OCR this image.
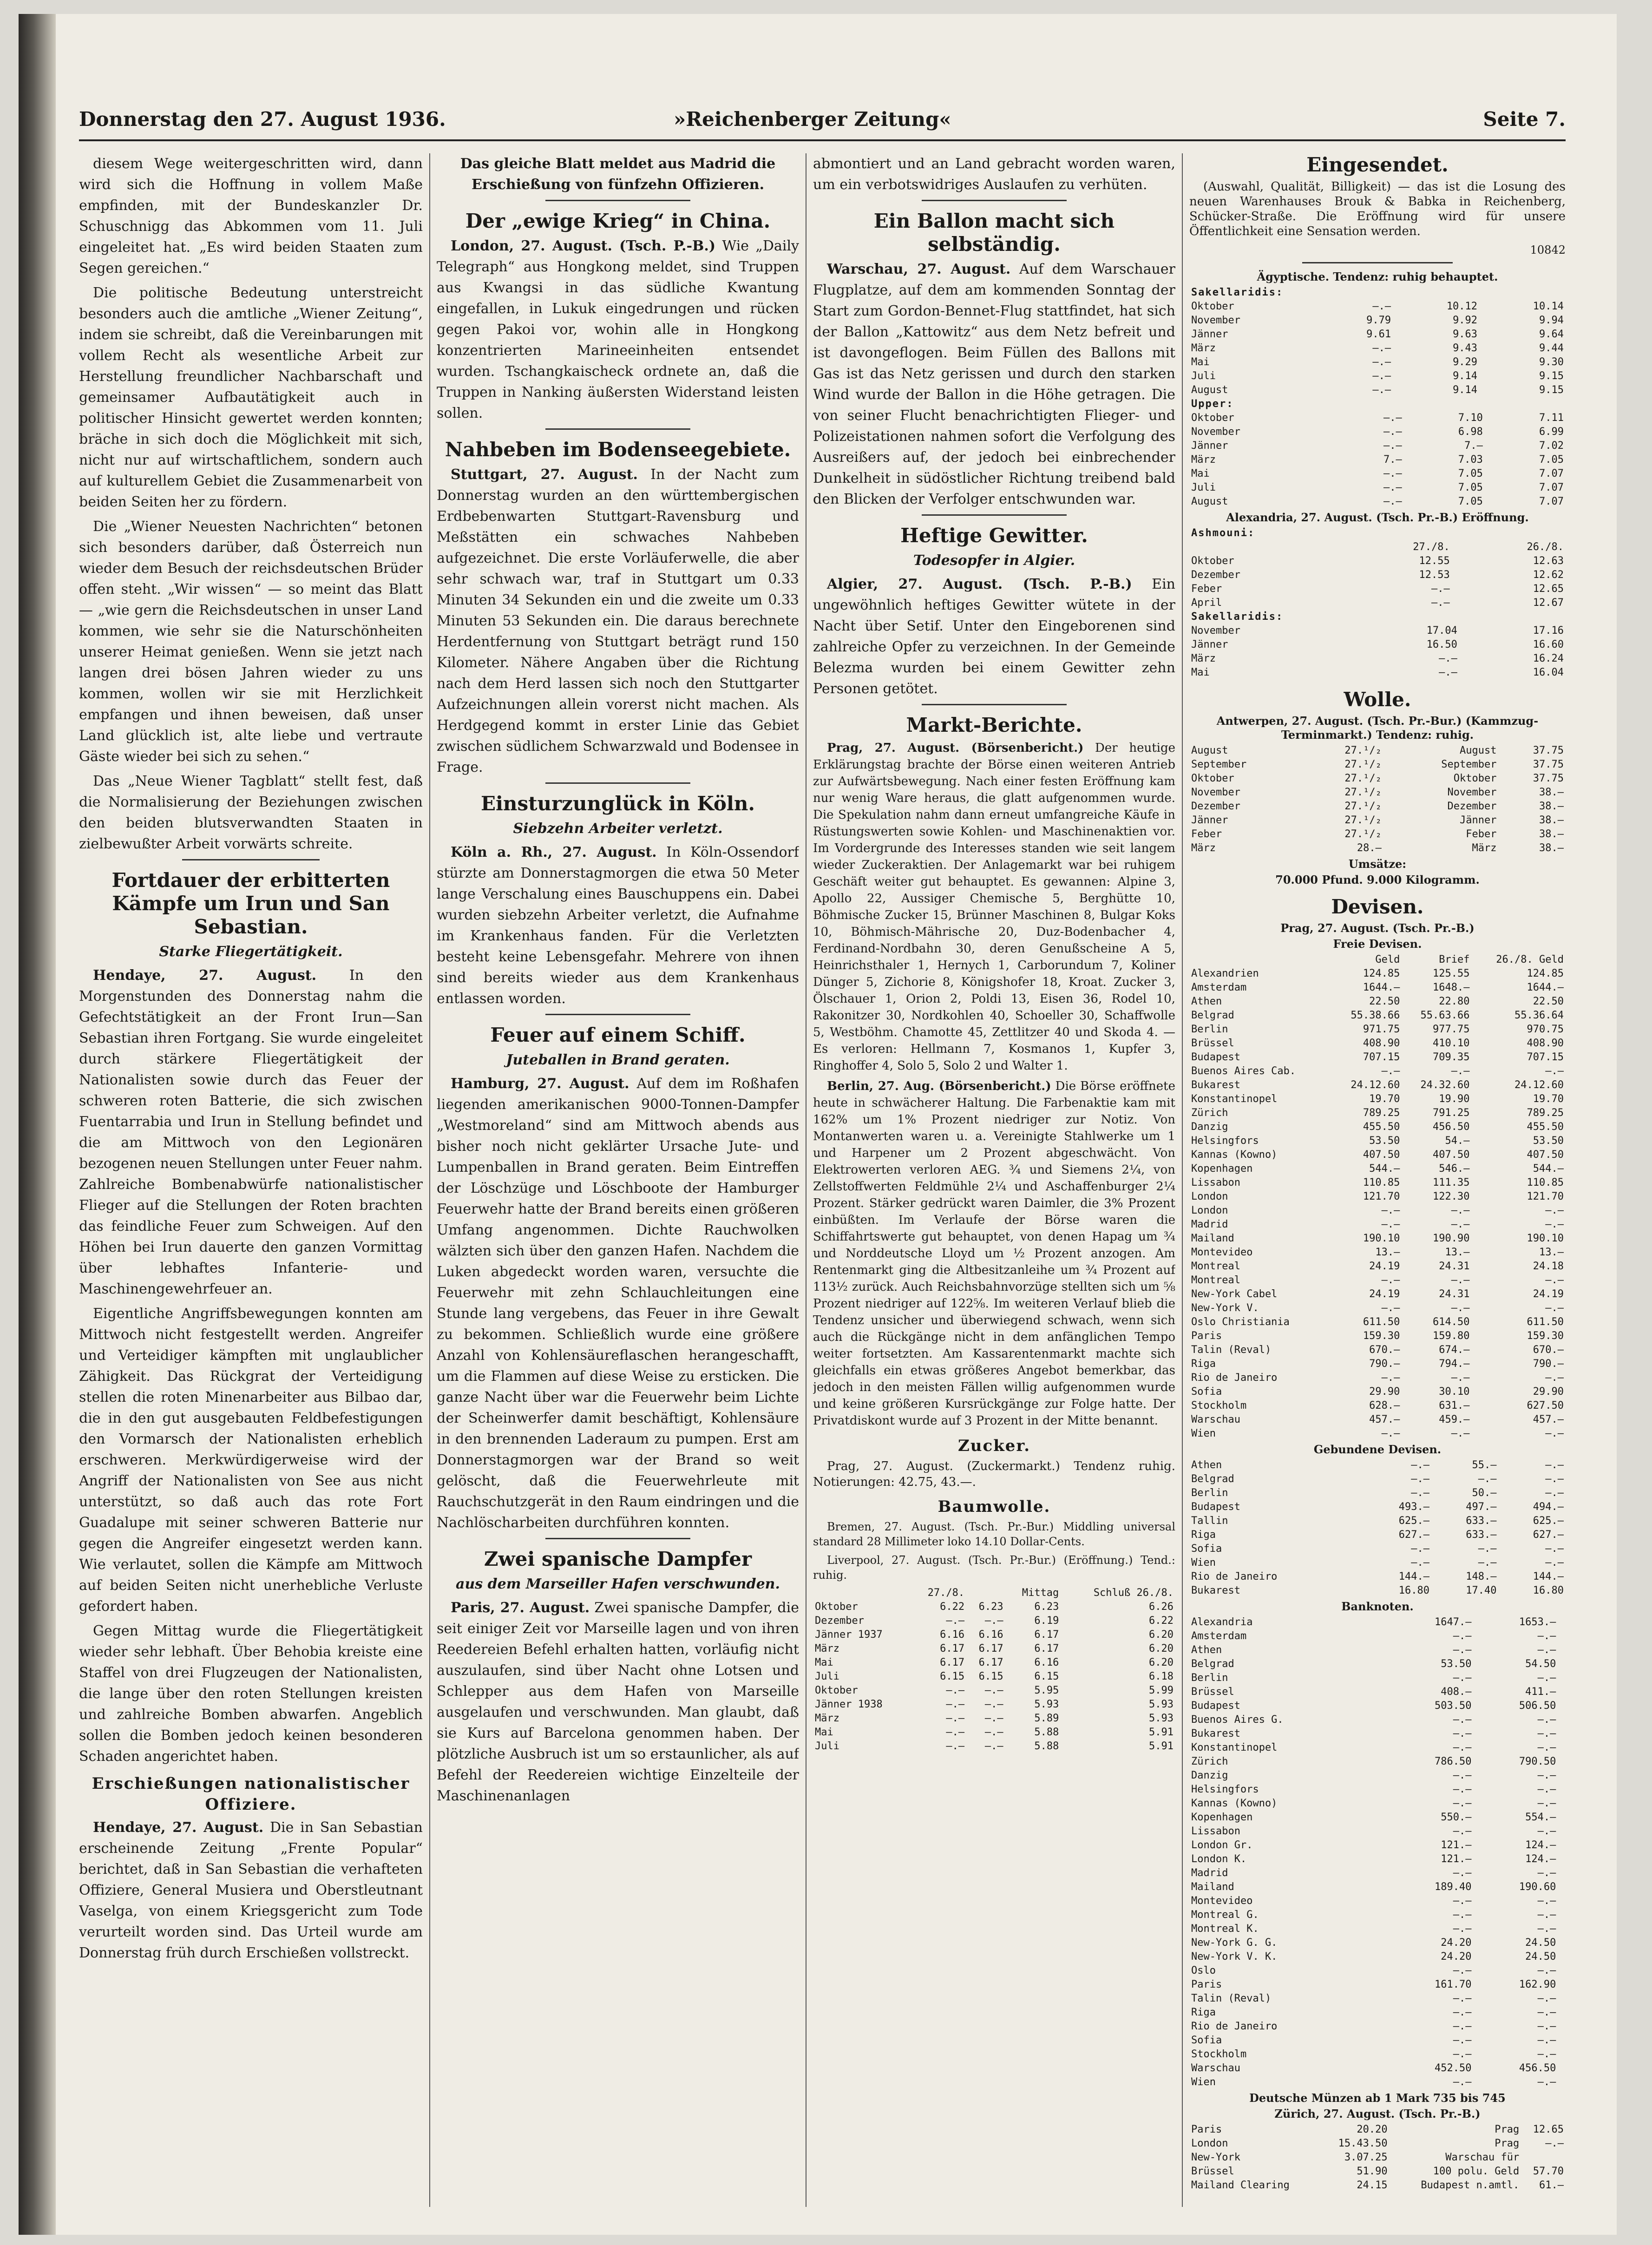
Donnerstag den 27. August 1936.	»Reichenberger Zeitung«	Seite 7.

diesem Wege weitergeschritten wird, dann wird sich die Hoffnung in vollem Maße empfinden, mit der Bundeskanzler Dr. Schuschnigg das Abkommen vom 11. Juli eingeleitet hat. „Es wird beiden Staaten zum Segen gereichen.“

Die politische Bedeutung unterstreicht besonders auch die amtliche „Wiener Zeitung“, indem sie schreibt, daß die Vereinbarungen mit vollem Recht als wesentliche Arbeit zur Herstellung freundlicher Nachbarschaft und gemeinsamer Aufbautätigkeit auch in politischer Hinsicht gewertet werden konnten; bräche in sich doch die Möglichkeit mit sich, nicht nur auf wirtschaftlichem, sondern auch auf kulturellem Gebiet die Zusammenarbeit von beiden Seiten her zu fördern.

Die „Wiener Neuesten Nachrichten“ betonen sich besonders darüber, daß Österreich nun wieder dem Besuch der reichsdeutschen Brüder offen steht. „Wir wissen“ — so meint das Blatt — „wie gern die Reichsdeutschen in unser Land kommen, wie sehr sie die Naturschönheiten unserer Heimat genießen. Wenn sie jetzt nach langen drei bösen Jahren wieder zu uns kommen, wollen wir sie mit Herzlichkeit empfangen und ihnen beweisen, daß unser Land glücklich ist, alte liebe und vertraute Gäste wieder bei sich zu sehen.“

Das „Neue Wiener Tagblatt“ stellt fest, daß die Normalisierung der Beziehungen zwischen den beiden blutsverwandten Staaten in zielbewußter Arbeit vorwärts schreite.

Fortdauer der erbitterten Kämpfe um Irun und San Sebastian.
Starke Fliegertätigkeit.

Hendaye, 27. August. In den Morgenstunden des Donnerstag nahm die Gefechtstätigkeit an der Front Irun—San Sebastian ihren Fortgang. Sie wurde eingeleitet durch stärkere Fliegertätigkeit der Nationalisten sowie durch das Feuer der schweren roten Batterie, die sich zwischen Fuentarrabia und Irun in Stellung befindet und die am Mittwoch von den Legionären bezogenen neuen Stellungen unter Feuer nahm. Zahlreiche Bombenabwürfe nationalistischer Flieger auf die Stellungen der Roten brachten das feindliche Feuer zum Schweigen. Auf den Höhen bei Irun dauerte den ganzen Vormittag über lebhaftes Infanterie- und Maschinengewehrfeuer an.

Eigentliche Angriffsbewegungen konnten am Mittwoch nicht festgestellt werden. Angreifer und Verteidiger kämpften mit unglaublicher Zähigkeit. Das Rückgrat der Verteidigung stellen die roten Minenarbeiter aus Bilbao dar, die in den gut ausgebauten Feldbefestigungen den Vormarsch der Nationalisten erheblich erschweren. Merkwürdigerweise wird der Angriff der Nationalisten von See aus nicht unterstützt, so daß auch das rote Fort Guadalupe mit seiner schweren Batterie nur gegen die Angreifer eingesetzt werden kann. Wie verlautet, sollen die Kämpfe am Mittwoch auf beiden Seiten nicht unerhebliche Verluste gefordert haben.

Gegen Mittag wurde die Fliegertätigkeit wieder sehr lebhaft. Über Behobia kreiste eine Staffel von drei Flugzeugen der Nationalisten, die lange über den roten Stellungen kreisten und zahlreiche Bomben abwarfen. Angeblich sollen die Bomben jedoch keinen besonderen Schaden angerichtet haben.

Erschießungen nationalistischer Offiziere.

Hendaye, 27. August. Die in San Sebastian erscheinende Zeitung „Frente Popular“ berichtet, daß in San Sebastian die verhafteten Offiziere, General Musiera und Oberstleutnant Vaselga, von einem Kriegsgericht zum Tode verurteilt worden sind. Das Urteil wurde am Donnerstag früh durch Erschießen vollstreckt.

Das gleiche Blatt meldet aus Madrid die Erschießung von fünfzehn Offizieren.

Der „ewige Krieg“ in China.

London, 27. August. (Tsch. P.-B.) Wie „Daily Telegraph“ aus Hongkong meldet, sind Truppen aus Kwangsi in das südliche Kwantung eingefallen, in Lukuk eingedrungen und rücken gegen Pakoi vor, wohin alle in Hongkong konzentrierten Marineeinheiten entsendet wurden. Tschangkaischeck ordnete an, daß die Truppen in Nanking äußersten Widerstand leisten sollen.

Nahbeben im Bodenseegebiete.

Stuttgart, 27. August. In der Nacht zum Donnerstag wurden an den württembergischen Erdbebenwarten Stuttgart-Ravensburg und Meßstätten ein schwaches Nahbeben aufgezeichnet. Die erste Vorläuferwelle, die aber sehr schwach war, traf in Stuttgart um 0.33 Minuten 34 Sekunden ein und die zweite um 0.33 Minuten 53 Sekunden ein. Die daraus berechnete Herdentfernung von Stuttgart beträgt rund 150 Kilometer. Nähere Angaben über die Richtung nach dem Herd lassen sich noch den Stuttgarter Aufzeichnungen allein vorerst nicht machen. Als Herdgegend kommt in erster Linie das Gebiet zwischen südlichem Schwarzwald und Bodensee in Frage.

Einsturzunglück in Köln.
Siebzehn Arbeiter verletzt.

Köln a. Rh., 27. August. In Köln-Ossendorf stürzte am Donnerstagmorgen die etwa 50 Meter lange Verschalung eines Bauschuppens ein. Dabei wurden siebzehn Arbeiter verletzt, die Aufnahme im Krankenhaus fanden. Für die Verletzten besteht keine Lebensgefahr. Mehrere von ihnen sind bereits wieder aus dem Krankenhaus entlassen worden.

Feuer auf einem Schiff.
Juteballen in Brand geraten.

Hamburg, 27. August. Auf dem im Roßhafen liegenden amerikanischen 9000-Tonnen-Dampfer „Westmoreland“ sind am Mittwoch abends aus bisher noch nicht geklärter Ursache Jute- und Lumpenballen in Brand geraten. Beim Eintreffen der Löschzüge und Löschboote der Hamburger Feuerwehr hatte der Brand bereits einen größeren Umfang angenommen. Dichte Rauchwolken wälzten sich über den ganzen Hafen. Nachdem die Luken abgedeckt worden waren, versuchte die Feuerwehr mit zehn Schlauchleitungen eine Stunde lang vergebens, das Feuer in ihre Gewalt zu bekommen. Schließlich wurde eine größere Anzahl von Kohlensäureflaschen herangeschafft, um die Flammen auf diese Weise zu ersticken. Die ganze Nacht über war die Feuerwehr beim Lichte der Scheinwerfer damit beschäftigt, Kohlensäure in den brennenden Laderaum zu pumpen. Erst am Donnerstagmorgen war der Brand so weit gelöscht, daß die Feuerwehrleute mit Rauchschutzgerät in den Raum eindringen und die Nachlöscharbeiten durchführen konnten.

Zwei spanische Dampfer
aus dem Marseiller Hafen verschwunden.

Paris, 27. August. Zwei spanische Dampfer, die seit einiger Zeit vor Marseille lagen und von ihren Reedereien Befehl erhalten hatten, vorläufig nicht auszulaufen, sind über Nacht ohne Lotsen und Schlepper aus dem Hafen von Marseille ausgelaufen und verschwunden. Man glaubt, daß sie Kurs auf Barcelona genommen haben. Der plötzliche Ausbruch ist um so erstaunlicher, als auf Befehl der Reedereien wichtige Einzelteile der Maschinenanlagen

abmontiert und an Land gebracht worden waren, um ein verbotswidriges Auslaufen zu verhüten.

Ein Ballon macht sich selbständig.

Warschau, 27. August. Auf dem Warschauer Flugplatze, auf dem am kommenden Sonntag der Start zum Gordon-Bennet-Flug stattfindet, hat sich der Ballon „Kattowitz“ aus dem Netz befreit und ist davongeflogen. Beim Füllen des Ballons mit Gas ist das Netz gerissen und durch den starken Wind wurde der Ballon in die Höhe getragen. Die von seiner Flucht benachrichtigten Flieger- und Polizeistationen nahmen sofort die Verfolgung des Ausreißers auf, der jedoch bei einbrechender Dunkelheit in südöstlicher Richtung treibend bald den Blicken der Verfolger entschwunden war.

Heftige Gewitter.
Todesopfer in Algier.

Algier, 27. August. (Tsch. P.-B.) Ein ungewöhnlich heftiges Gewitter wütete in der Nacht über Setif. Unter den Eingeborenen sind zahlreiche Opfer zu verzeichnen. In der Gemeinde Belezma wurden bei einem Gewitter zehn Personen getötet.

Markt-Berichte.

Prag, 27. August. (Börsenbericht.) Der heutige Erklärungstag brachte der Börse einen weiteren Antrieb zur Aufwärtsbewegung. Nach einer festen Eröffnung kam nur wenig Ware heraus, die glatt aufgenommen wurde. Die Spekulation nahm dann erneut umfangreiche Käufe in Rüstungswerten sowie Kohlen- und Maschinenaktien vor. Im Vordergrunde des Interesses standen wie seit langem wieder Zuckeraktien. Der Anlagemarkt war bei ruhigem Geschäft weiter gut behauptet. Es gewannen: Alpine 3, Apollo 22, Aussiger Chemische 5, Berghütte 10, Böhmische Zucker 15, Brünner Maschinen 8, Bulgar Koks 10, Böhmisch-Mährische 20, Duz-Bodenbacher 4, Ferdinand-Nordbahn 30, deren Genußscheine A 5, Heinrichsthaler 1, Hernych 1, Carborundum 7, Koliner Dünger 5, Zichorie 8, Königshofer 18, Kroat. Zucker 3, Ölschauer 1, Orion 2, Poldi 13, Eisen 36, Rodel 10, Rakonitzer 30, Nordkohlen 40, Schoeller 30, Schaffwolle 5, Westböhm. Chamotte 45, Zettlitzer 40 und Skoda 4. — Es verloren: Hellmann 7, Kosmanos 1, Kupfer 3, Ringhoffer 4, Solo 5, Solo 2 und Walter 1.

Berlin, 27. Aug. (Börsenbericht.) Die Börse eröffnete heute in schwächerer Haltung. Die Farbenaktie kam mit 162% um 1% Prozent niedriger zur Notiz. Von Montanwerten waren u. a. Vereinigte Stahlwerke um 1 und Harpener um 2 Prozent abgeschwächt. Von Elektrowerten verloren AEG. ¾ und Siemens 2¼, von Zellstoffwerten Feldmühle 2¼ und Aschaffenburger 2¼ Prozent. Stärker gedrückt waren Daimler, die 3% Prozent einbüßten. Im Verlaufe der Börse waren die Schiffahrtswerte gut behauptet, von denen Hapag um ¾ und Norddeutsche Lloyd um ½ Prozent anzogen. Am Rentenmarkt ging die Altbesitzanleihe um ¾ Prozent auf 113½ zurück. Auch Reichsbahnvorzüge stellten sich um ⅝ Prozent niedriger auf 122⅝. Im weiteren Verlauf blieb die Tendenz unsicher und überwiegend schwach, wenn sich auch die Rückgänge nicht in dem anfänglichen Tempo weiter fortsetzten. Am Kassarentenmarkt machte sich gleichfalls ein etwas größeres Angebot bemerkbar, das jedoch in den meisten Fällen willig aufgenommen wurde und keine größeren Kursrückgänge zur Folge hatte. Der Privatdiskont wurde auf 3 Prozent in der Mitte benannt.

Zucker.

Prag, 27. August. (Zuckermarkt.) Tendenz ruhig. Notierungen: 42.75, 43.—.

Baumwolle.

Bremen, 27. August. (Tsch. Pr.-Bur.) Middling universal standard 28 Millimeter loko 14.10 Dollar-Cents.

Liverpool, 27. August. (Tsch. Pr.-Bur.) (Eröffnung.) Tend.: ruhig.

	27./8.		Mittag	Schluß 26./8.
Oktober	6.22	6.23	6.23	6.26
Dezember	—.—	—.—	6.19	6.22
Jänner 1937	6.16	6.16	6.17	6.20
März	6.17	6.17	6.17	6.20
Mai	6.17	6.17	6.16	6.20
Juli	6.15	6.15	6.15	6.18
Oktober	—.—	—.—	5.95	5.99
Jänner 1938	—.—	—.—	5.93	5.93
März	—.—	—.—	5.89	5.93
Mai	—.—	—.—	5.88	5.91
Juli	—.—	—.—	5.88	5.91
Eingesendet.

(Auswahl, Qualität, Billigkeit) — das ist die Losung des neuen Warenhauses Brouk & Babka in Reichenberg, Schücker-Straße. Die Eröffnung wird für unsere Öffentlichkeit eine Sensation werden.

10842
Ägyptische. Tendenz: ruhig behauptet.
Sakellaridis:			
Oktober	—.—	10.12	10.14
November	9.79	9.92	9.94
Jänner	9.61	9.63	9.64
März	—.—	9.43	9.44
Mai	—.—	9.29	9.30
Juli	—.—	9.14	9.15
August	—.—	9.14	9.15
Upper:			
Oktober	—.—	7.10	7.11
November	—.—	6.98	6.99
Jänner	—.—	7.—	7.02
März	7.—	7.03	7.05
Mai	—.—	7.05	7.07
Juli	—.—	7.05	7.07
August	—.—	7.05	7.07
Alexandria, 27. August. (Tsch. Pr.-B.) Eröffnung.
Ashmouni:		
	27./8.	26./8.
Oktober	12.55	12.63
Dezember	12.53	12.62
Feber	—.—	12.65
April	—.—	12.67
Sakellaridis:		
November	17.04	17.16
Jänner	16.50	16.60
März	—.—	16.24
Mai	—.—	16.04
Wolle.
Antwerpen, 27. August. (Tsch. Pr.-Bur.) (Kammzug-Terminmarkt.) Tendenz: ruhig.
August	27.¹/₂	August	37.75
September	27.¹/₂	September	37.75
Oktober	27.¹/₂	Oktober	37.75
November	27.¹/₂	November	38.—
Dezember	27.¹/₂	Dezember	38.—
Jänner	27.¹/₂	Jänner	38.—
Feber	27.¹/₂	Feber	38.—
März	28.—	März	38.—
Umsätze:
70.000 Pfund. 9.000 Kilogramm.
Devisen.
Prag, 27. August. (Tsch. Pr.-B.)
Freie Devisen.
	Geld	Brief	26./8. Geld
Alexandrien	124.85	125.55	124.85
Amsterdam	1644.—	1648.—	1644.—
Athen	22.50	22.80	22.50
Belgrad	55.38.66	55.63.66	55.36.64
Berlin	971.75	977.75	970.75
Brüssel	408.90	410.10	408.90
Budapest	707.15	709.35	707.15
Buenos Aires Cab.	—.—	—.—	—.—
Bukarest	24.12.60	24.32.60	24.12.60
Konstantinopel	19.70	19.90	19.70
Zürich	789.25	791.25	789.25
Danzig	455.50	456.50	455.50
Helsingfors	53.50	54.—	53.50
Kannas (Kowno)	407.50	407.50	407.50
Kopenhagen	544.—	546.—	544.—
Lissabon	110.85	111.35	110.85
London	121.70	122.30	121.70
London	—.—	—.—	—.—
Madrid	—.—	—.—	—.—
Mailand	190.10	190.90	190.10
Montevideo	13.—	13.—	13.—
Montreal	24.19	24.31	24.18
Montreal	—.—	—.—	—.—
New-York Cabel	24.19	24.31	24.19
New-York V.	—.—	—.—	—.—
Oslo Christiania	611.50	614.50	611.50
Paris	159.30	159.80	159.30
Talin (Reval)	670.—	674.—	670.—
Riga	790.—	794.—	790.—
Rio de Janeiro	—.—	—.—	—.—
Sofia	29.90	30.10	29.90
Stockholm	628.—	631.—	627.50
Warschau	457.—	459.—	457.—
Wien	—.—	—.—	—.—
Gebundene Devisen.
Athen	—.—	55.—	—.—
Belgrad	—.—	—.—	—.—
Berlin	—.—	50.—	—.—
Budapest	493.—	497.—	494.—
Tallin	625.—	633.—	625.—
Riga	627.—	633.—	627.—
Sofia	—.—	—.—	—.—
Wien	—.—	—.—	—.—
Rio de Janeiro	144.—	148.—	144.—
Bukarest	16.80	17.40	16.80
Banknoten.
Alexandria	1647.—	1653.—	
Amsterdam	—.—	—.—	
Athen	—.—	—.—	
Belgrad	53.50	54.50	
Berlin	—.—	—.—	
Brüssel	408.—	411.—	
Budapest	503.50	506.50	
Buenos Aires G.	—.—	—.—	
Bukarest	—.—	—.—	
Konstantinopel	—.—	—.—	
Zürich	786.50	790.50	
Danzig	—.—	—.—	
Helsingfors	—.—	—.—	
Kannas (Kowno)	—.—	—.—	
Kopenhagen	550.—	554.—	
Lissabon	—.—	—.—	
London Gr.	121.—	124.—	
London K.	121.—	124.—	
Madrid	—.—	—.—	
Mailand	189.40	190.60	
Montevideo	—.—	—.—	
Montreal G.	—.—	—.—	
Montreal K.	—.—	—.—	
New-York G. G.	24.20	24.50	
New-York V. K.	24.20	24.50	
Oslo	—.—	—.—	
Paris	161.70	162.90	
Talin (Reval)	—.—	—.—	
Riga	—.—	—.—	
Rio de Janeiro	—.—	—.—	
Sofia	—.—	—.—	
Stockholm	—.—	—.—	
Warschau	452.50	456.50	
Wien	—.—	—.—	
Deutsche Münzen ab 1 Mark 735 bis 745
Zürich, 27. August. (Tsch. Pr.-B.)
Paris	20.20	Prag	12.65
London	15.43.50	Prag	—.—
New-York	3.07.25	Warschau für	
Brüssel	51.90	100 polu. Geld	57.70
Mailand Clearing	24.15	Budapest n.amtl.	61.—
